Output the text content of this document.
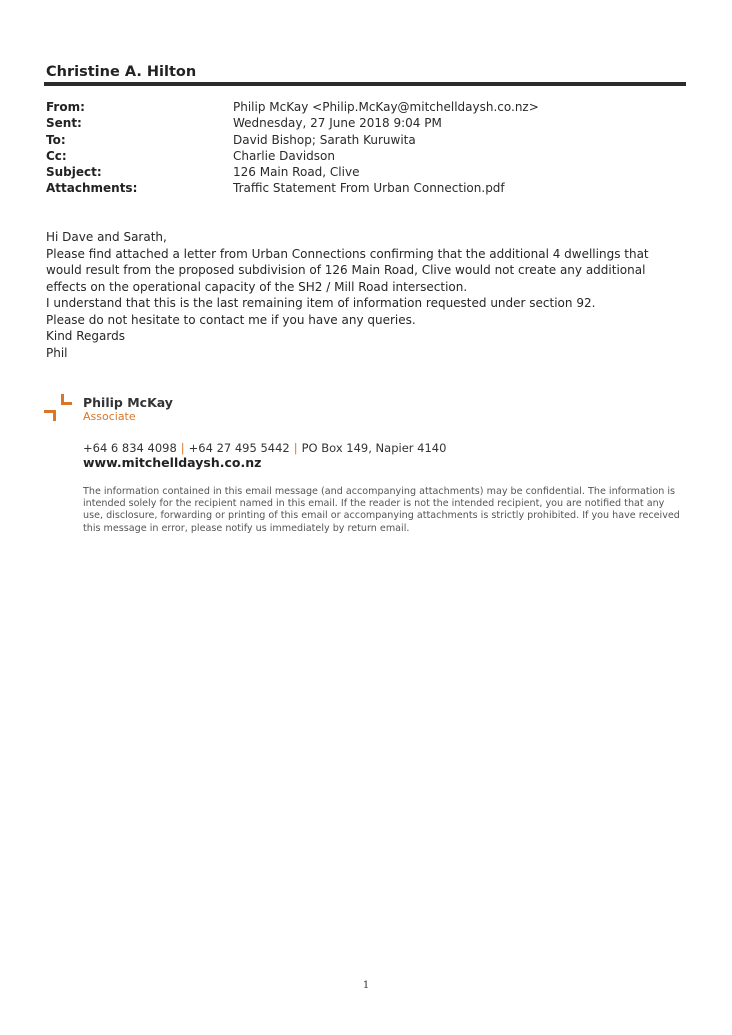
Christine A. Hilton
From:	Philip McKay <Philip.McKay@mitchelldaysh.co.nz>
Sent:	Wednesday, 27 June 2018 9:04 PM
To:	David Bishop; Sarath Kuruwita
Cc:	Charlie Davidson
Subject:	126 Main Road, Clive
Attachments:	Traffic Statement From Urban Connection.pdf

Hi Dave and Sarath,

Please find attached a letter from Urban Connections confirming that the additional 4 dwellings that would result from the proposed subdivision of 126 Main Road, Clive would not create any additional effects on the operational capacity of the SH2 / Mill Road intersection.

I understand that this is the last remaining item of information requested under section 92.

Please do not hesitate to contact me if you have any queries.

Kind Regards

Phil

Philip McKay
Associate
+64 6 834 4098 | +64 27 495 5442 | PO Box 149, Napier 4140
www.mitchelldaysh.co.nz
The information contained in this email message (and accompanying attachments) may be confidential. The information is intended solely for the recipient named in this email. If the reader is not the intended recipient, you are notified that any use, disclosure, forwarding or printing of this email or accompanying attachments is strictly prohibited. If you have received this message in error, please notify us immediately by return email.
1
